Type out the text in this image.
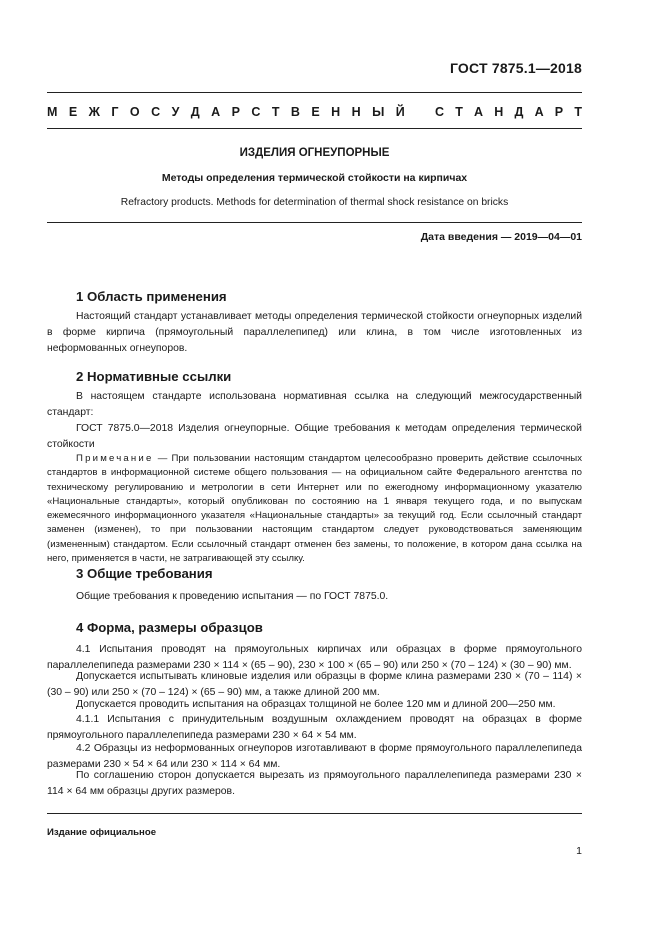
ГОСТ 7875.1—2018
М Е Ж Г О С У Д А Р С Т В Е Н Н Ы Й С Т А Н Д А Р Т
ИЗДЕЛИЯ ОГНЕУПОРНЫЕ
Методы определения термической стойкости на кирпичах
Refractory products. Methods for determination of thermal shock resistance on bricks
Дата введения — 2019—04—01
1 Область применения
Настоящий стандарт устанавливает методы определения термической стойкости огнеупорных изделий в форме кирпича (прямоугольный параллелепипед) или клина, в том числе изготовленных из неформованных огнеупоров.
2 Нормативные ссылки
В настоящем стандарте использована нормативная ссылка на следующий межгосударственный стандарт:
ГОСТ 7875.0—2018 Изделия огнеупорные. Общие требования к методам определения термической стойкости
Примечание — При пользовании настоящим стандартом целесообразно проверить действие ссылочных стандартов в информационной системе общего пользования — на официальном сайте Федерального агентства по техническому регулированию и метрологии в сети Интернет или по ежегодному информационному указателю «Национальные стандарты», который опубликован по состоянию на 1 января текущего года, и по выпускам ежемесячного информационного указателя «Национальные стандарты» за текущий год. Если ссылочный стандарт заменен (изменен), то при пользовании настоящим стандартом следует руководствоваться заменяющим (измененным) стандартом. Если ссылочный стандарт отменен без замены, то положение, в котором дана ссылка на него, применяется в части, не затрагивающей эту ссылку.
3 Общие требования
Общие требования к проведению испытания — по ГОСТ 7875.0.
4 Форма, размеры образцов
4.1 Испытания проводят на прямоугольных кирпичах или образцах в форме прямоугольного параллелепипеда размерами 230 × 114 × (65 – 90), 230 × 100 × (65 – 90) или 250 × (70 – 124) × (30 – 90) мм.
Допускается испытывать клиновые изделия или образцы в форме клина размерами 230 × (70 – 114) × (30 – 90) или 250 × (70 – 124) × (65 – 90) мм, а также длиной 200 мм.
Допускается проводить испытания на образцах толщиной не более 120 мм и длиной 200—250 мм.
4.1.1 Испытания с принудительным воздушным охлаждением проводят на образцах в форме прямоугольного параллелепипеда размерами 230 × 64 × 54 мм.
4.2 Образцы из неформованных огнеупоров изготавливают в форме прямоугольного параллелепипеда размерами 230 × 54 × 64 или 230 × 114 × 64 мм.
По соглашению сторон допускается вырезать из прямоугольного параллелепипеда размерами 230 × 114 × 64 мм образцы других размеров.
Издание официальное
1
